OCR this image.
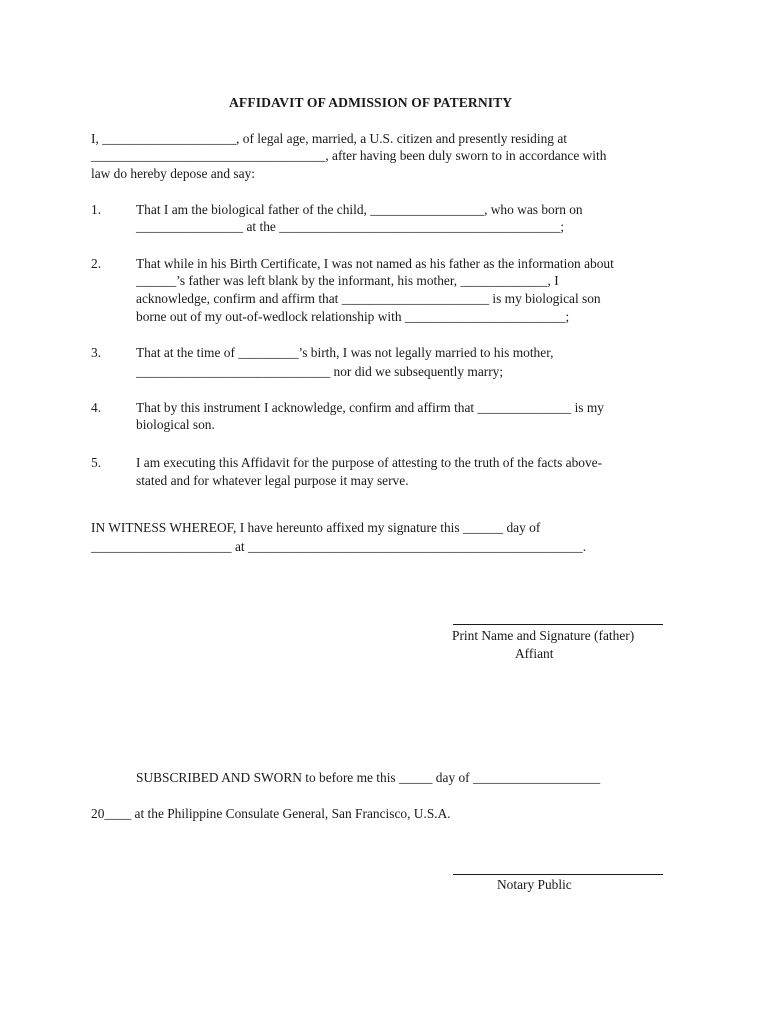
AFFIDAVIT OF ADMISSION OF PATERNITY
I, ____________________, of legal age, married, a U.S. citizen and presently residing at
___________________________________, after having been duly sworn to in accordance with
law do hereby depose and say:
1.	That I am the biological father of the child, _________________, who was born on
________________ at the __________________________________________;
2.	That while in his Birth Certificate, I was not named as his father as the information about
______’s father was left blank by the informant, his mother, _____________, I
acknowledge, confirm and affirm that ______________________ is my biological son
borne out of my out-of-wedlock relationship with ________________________;
3.	That at the time of _________’s birth, I was not legally married to his mother,
_____________________________ nor did we subsequently marry;
4.	That by this instrument I acknowledge, confirm and affirm that ______________ is my
biological son.
5.	I am executing this Affidavit for the purpose of attesting to the truth of the facts above-
stated and for whatever legal purpose it may serve.
IN WITNESS WHEREOF, I have hereunto affixed my signature this ______ day of
_____________________ at __________________________________________________.
Print Name and Signature (father)
Affiant
SUBSCRIBED AND SWORN to before me this _____ day of ___________________
20____ at the Philippine Consulate General, San Francisco, U.S.A.
Notary Public
